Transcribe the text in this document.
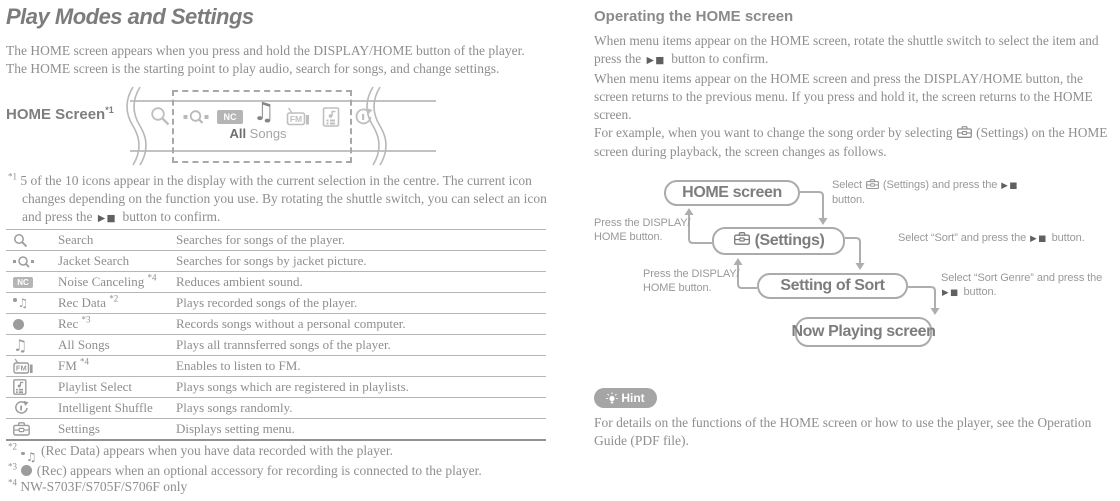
Play Modes and Settings

The HOME screen appears when you press and hold the DISPLAY/HOME button of the player. The HOME screen is the starting point to play audio, search for songs, and change settings.

HOME Screen$^{*1}$
NC ♫ FM
All Songs
$^{*1}$ 5 of the 10 icons appear in the display with the current selection in the centre. The current icon changes depending on the function you use. By rotating the shuttle switch, you can select an icon and press the ▶■ button to confirm.
Search	Searches for songs of the player.
Jacket Search	Searches for songs by jacket picture.
NC	Noise Canceling $^{*4}$	Reduces ambient sound.
♫ Rec Data $^{*2}$	Plays recorded songs of the player.
Rec $^{*3}$	Records songs without a personal computer.
♫	All Songs	Plays all trannsferred songs of the player.
FM FM $^{*4}$	Enables to listen to FM.
Playlist Select	Plays songs which are registered in playlists.
Intelligent Shuffle	Plays songs randomly.
Settings	Displays setting menu.
$^{*2}$
♫ (Rec Data) appears when you have data recorded with the player.
$^{*3}$  (Rec) appears when an optional accessory for recording is connected to the player.
$^{*4}$ NW-S703F/S705F/S706F only
Operating the HOME screen

When menu items appear on the HOME screen, rotate the shuttle switch to select the item and press the ▶■ button to confirm.

When menu items appear on the HOME screen and press the DISPLAY/HOME button, the screen returns to the previous menu. If you press and hold it, the screen returns to the HOME screen.

For example, when you want to change the song order by selecting  (Settings) on the HOME screen during playback, the screen changes as follows.

HOME screen
(Settings)
Setting of Sort
Now Playing screen
Press the DISPLAY/
HOME button.
Press the DISPLAY/
HOME button.
Select  (Settings) and press the ▶■ button.
Select “Sort” and press the ▶■ button.
Select “Sort Genre” and press the ▶■ button.
Hint
For details on the functions of the HOME screen or how to use the player, see the Operation Guide (PDF file).
